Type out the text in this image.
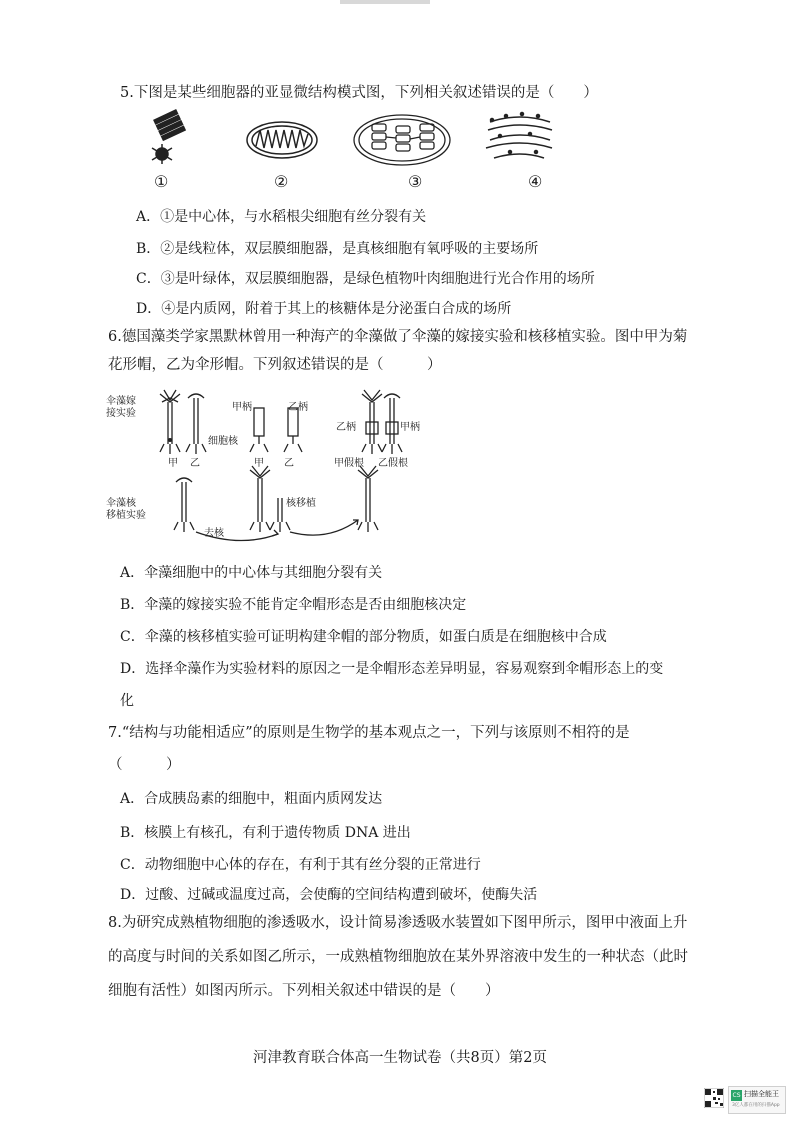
5.下图是某些细胞器的亚显微结构模式图，下列相关叙述错误的是（　　）
①	②	③	④
A．①是中心体，与水稻根尖细胞有丝分裂有关
B．②是线粒体，双层膜细胞器，是真核细胞有氧呼吸的主要场所
C．③是叶绿体，双层膜细胞器，是绿色植物叶肉细胞进行光合作用的场所
D．④是内质网，附着于其上的核糖体是分泌蛋白合成的场所
6.德国藻类学家黑默林曾用一种海产的伞藻做了伞藻的嫁接实验和核移植实验。图中甲为菊
花形帽，乙为伞形帽。下列叙述错误的是（　　　）
伞藻嫁
接实验
细胞核
甲 乙
甲柄	乙柄
甲 乙
乙柄	甲柄
甲假根 乙假根
伞藻核
移植实验
核移植
去核
A．伞藻细胞中的中心体与其细胞分裂有关
B．伞藻的嫁接实验不能肯定伞帽形态是否由细胞核决定
C．伞藻的核移植实验可证明构建伞帽的部分物质，如蛋白质是在细胞核中合成
D．选择伞藻作为实验材料的原因之一是伞帽形态差异明显，容易观察到伞帽形态上的变
化
7.“结构与功能相适应”的原则是生物学的基本观点之一，下列与该原则不相符的是
（　　　）
A．合成胰岛素的细胞中，粗面内质网发达
B．核膜上有核孔，有利于遗传物质 DNA 进出
C．动物细胞中心体的存在，有利于其有丝分裂的正常进行
D．过酸、过碱或温度过高，会使酶的空间结构遭到破坏，使酶失活
8.为研究成熟植物细胞的渗透吸水，设计简易渗透吸水装置如下图甲所示，图甲中液面上升
的高度与时间的关系如图乙所示，一成熟植物细胞放在某外界溶液中发生的一种状态（此时
细胞有活性）如图丙所示。下列相关叙述中错误的是（　　）
河津教育联合体高一生物试卷（共8页）第2页
CS 扫描全能王
3亿人都在用的扫描App
